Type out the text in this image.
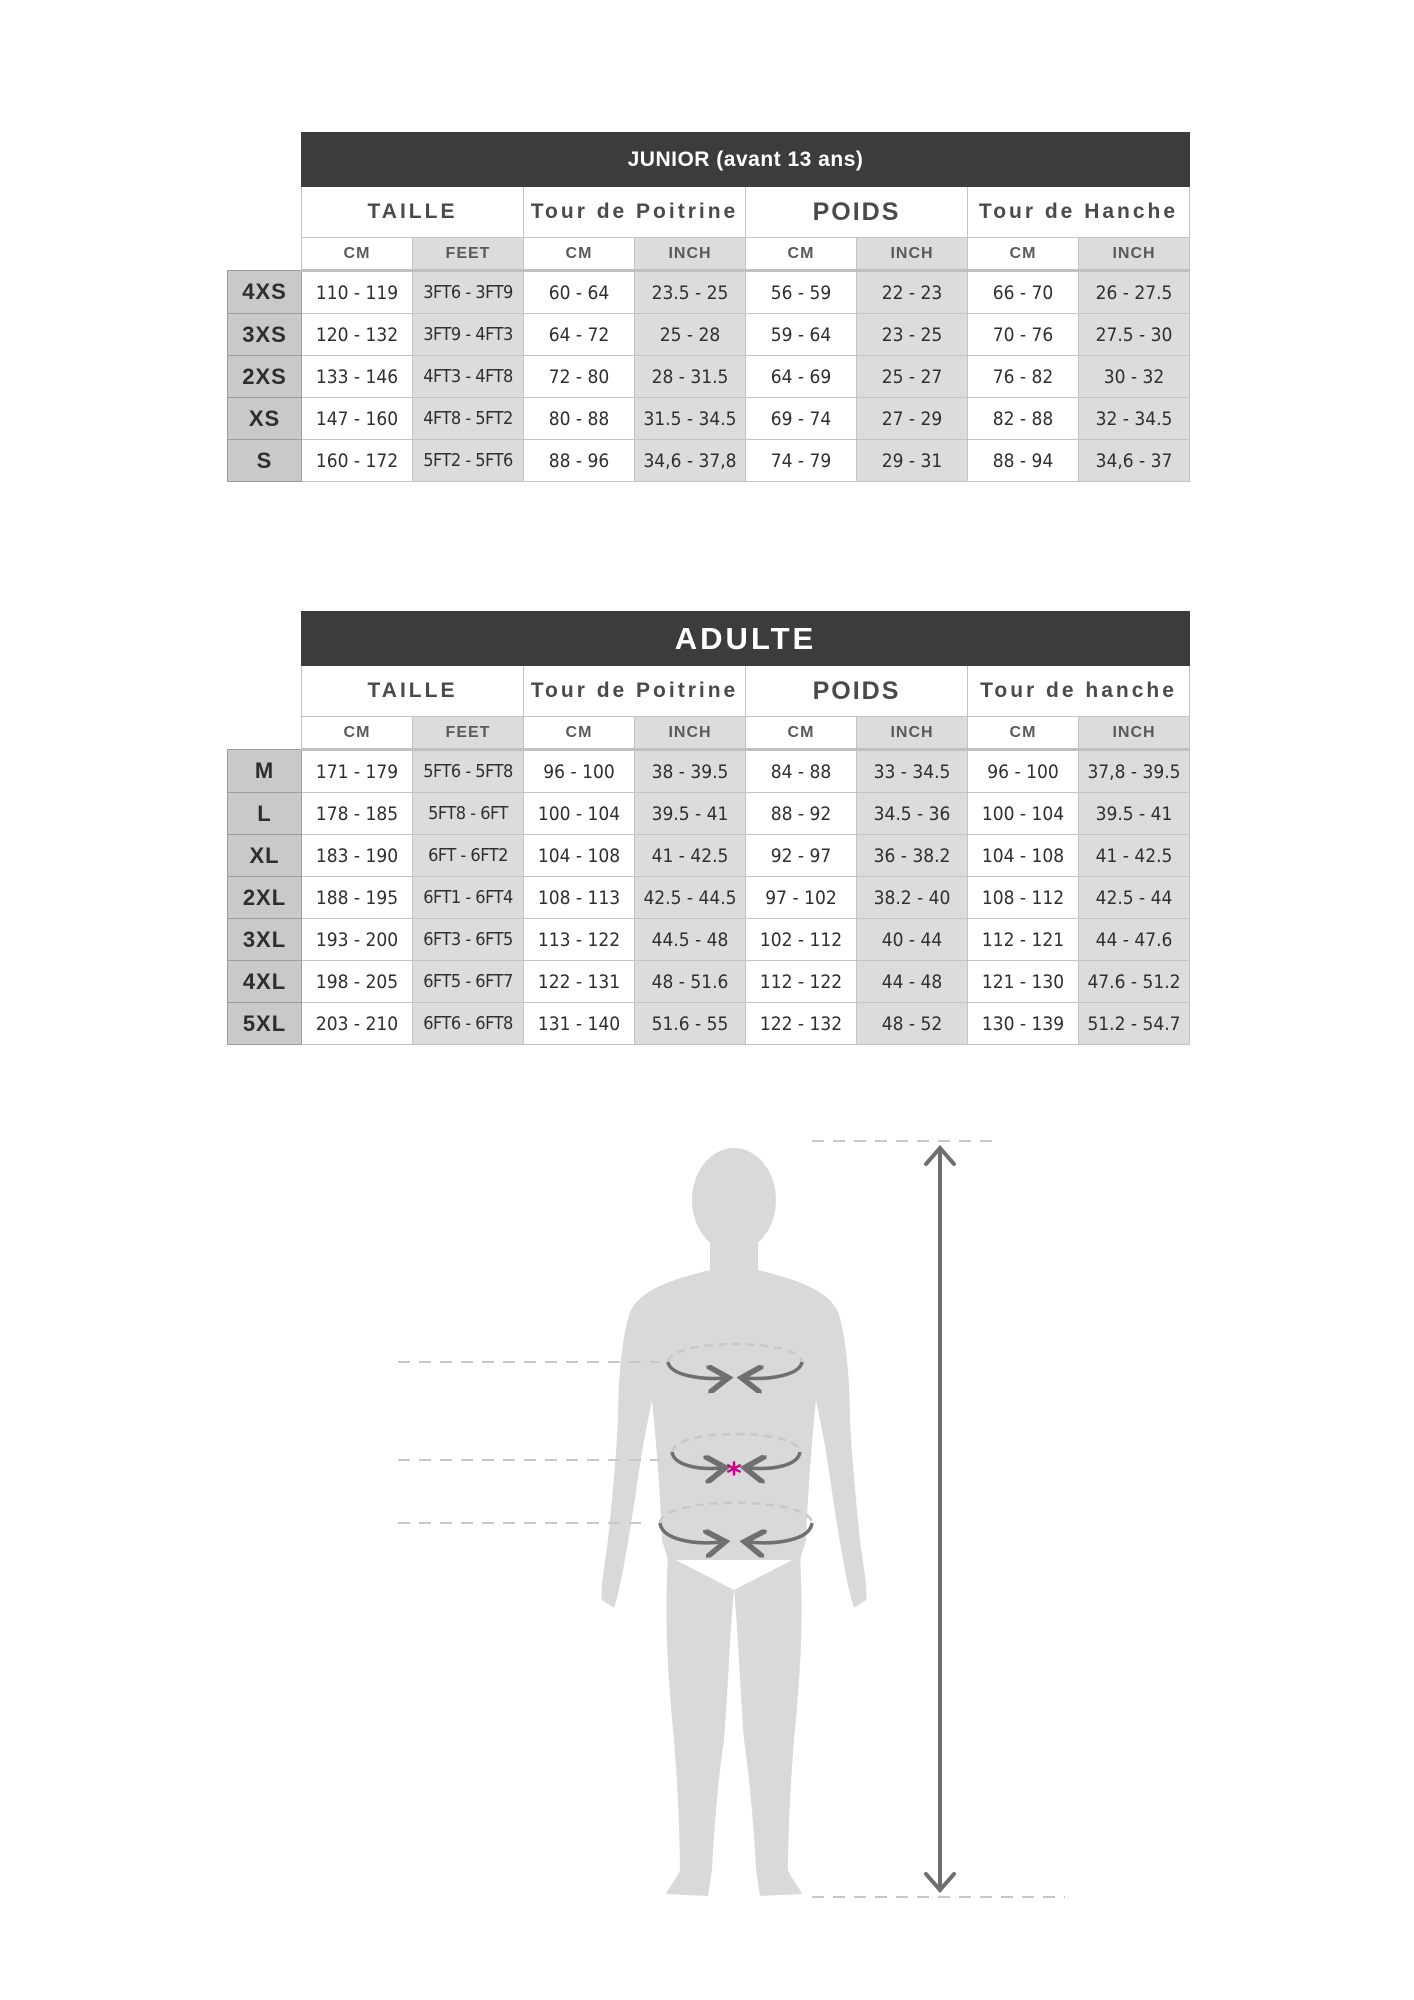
	JUNIOR (avant 13 ans)							
	TAILLE		Tour de Poitrine		POIDS		Tour de Hanche	
	CM	FEET	CM	INCH	CM	INCH	CM	INCH
4XS	110 - 119	3FT6 - 3FT9	60 - 64	23.5 - 25	56 - 59	22 - 23	66 - 70	26 - 27.5
3XS	120 - 132	3FT9 - 4FT3	64 - 72	25 - 28	59 - 64	23 - 25	70 - 76	27.5 - 30
2XS	133 - 146	4FT3 - 4FT8	72 - 80	28 - 31.5	64 - 69	25 - 27	76 - 82	30 - 32
XS	147 - 160	4FT8 - 5FT2	80 - 88	31.5 - 34.5	69 - 74	27 - 29	82 - 88	32 - 34.5
S	160 - 172	5FT2 - 5FT6	88 - 96	34,6 - 37,8	74 - 79	29 - 31	88 - 94	34,6 - 37
	ADULTE							
	TAILLE		Tour de Poitrine		POIDS		Tour de hanche	
	CM	FEET	CM	INCH	CM	INCH	CM	INCH
M	171 - 179	5FT6 - 5FT8	96 - 100	38 - 39.5	84 - 88	33 - 34.5	96 - 100	37,8 - 39.5
L	178 - 185	5FT8 - 6FT	100 - 104	39.5 - 41	88 - 92	34.5 - 36	100 - 104	39.5 - 41
XL	183 - 190	6FT - 6FT2	104 - 108	41 - 42.5	92 - 97	36 - 38.2	104 - 108	41 - 42.5
2XL	188 - 195	6FT1 - 6FT4	108 - 113	42.5 - 44.5	97 - 102	38.2 - 40	108 - 112	42.5 - 44
3XL	193 - 200	6FT3 - 6FT5	113 - 122	44.5 - 48	102 - 112	40 - 44	112 - 121	44 - 47.6
4XL	198 - 205	6FT5 - 6FT7	122 - 131	48 - 51.6	112 - 122	44 - 48	121 - 130	47.6 - 51.2
5XL	203 - 210	6FT6 - 6FT8	131 - 140	51.6 - 55	122 - 132	48 - 52	130 - 139	51.2 - 54.7
*
